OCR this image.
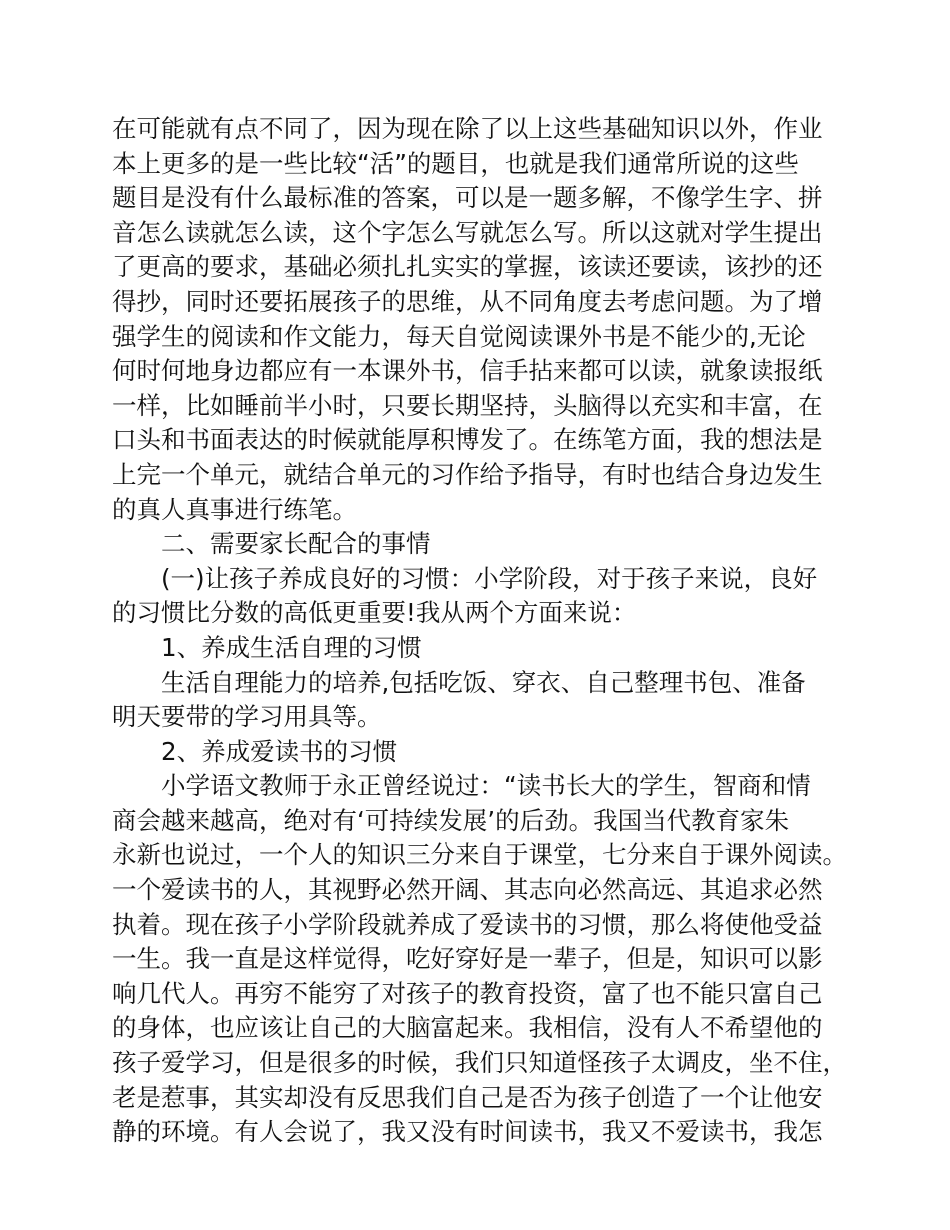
在可能就有点不同了，因为现在除了以上这些基础知识以外，作业
本上更多的是一些比较“活”的题目，也就是我们通常所说的这些
题目是没有什么最标准的答案，可以是一题多解，不像学生字、拼
音怎么读就怎么读，这个字怎么写就怎么写。所以这就对学生提出
了更高的要求，基础必须扎扎实实的掌握，该读还要读，该抄的还
得抄，同时还要拓展孩子的思维，从不同角度去考虑问题。为了增
强学生的阅读和作文能力，每天自觉阅读课外书是不能少的,无论
何时何地身边都应有一本课外书，信手拈来都可以读，就象读报纸
一样，比如睡前半小时，只要长期坚持，头脑得以充实和丰富，在
口头和书面表达的时候就能厚积博发了。在练笔方面，我的想法是
上完一个单元，就结合单元的习作给予指导，有时也结合身边发生
的真人真事进行练笔。
二、需要家长配合的事情
(一)让孩子养成良好的习惯：小学阶段，对于孩子来说，良好
的习惯比分数的高低更重要!我从两个方面来说：
1、养成生活自理的习惯
生活自理能力的培养,包括吃饭、穿衣、自己整理书包、准备
明天要带的学习用具等。
2、养成爱读书的习惯
小学语文教师于永正曾经说过：“读书长大的学生，智商和情
商会越来越高，绝对有‘可持续发展’的后劲。我国当代教育家朱
永新也说过，一个人的知识三分来自于课堂，七分来自于课外阅读。
一个爱读书的人，其视野必然开阔、其志向必然高远、其追求必然
执着。现在孩子小学阶段就养成了爱读书的习惯，那么将使他受益
一生。我一直是这样觉得，吃好穿好是一辈子，但是，知识可以影
响几代人。再穷不能穷了对孩子的教育投资，富了也不能只富自己
的身体，也应该让自己的大脑富起来。我相信，没有人不希望他的
孩子爱学习，但是很多的时候，我们只知道怪孩子太调皮，坐不住，
老是惹事，其实却没有反思我们自己是否为孩子创造了一个让他安
静的环境。有人会说了，我又没有时间读书，我又不爱读书，我怎
